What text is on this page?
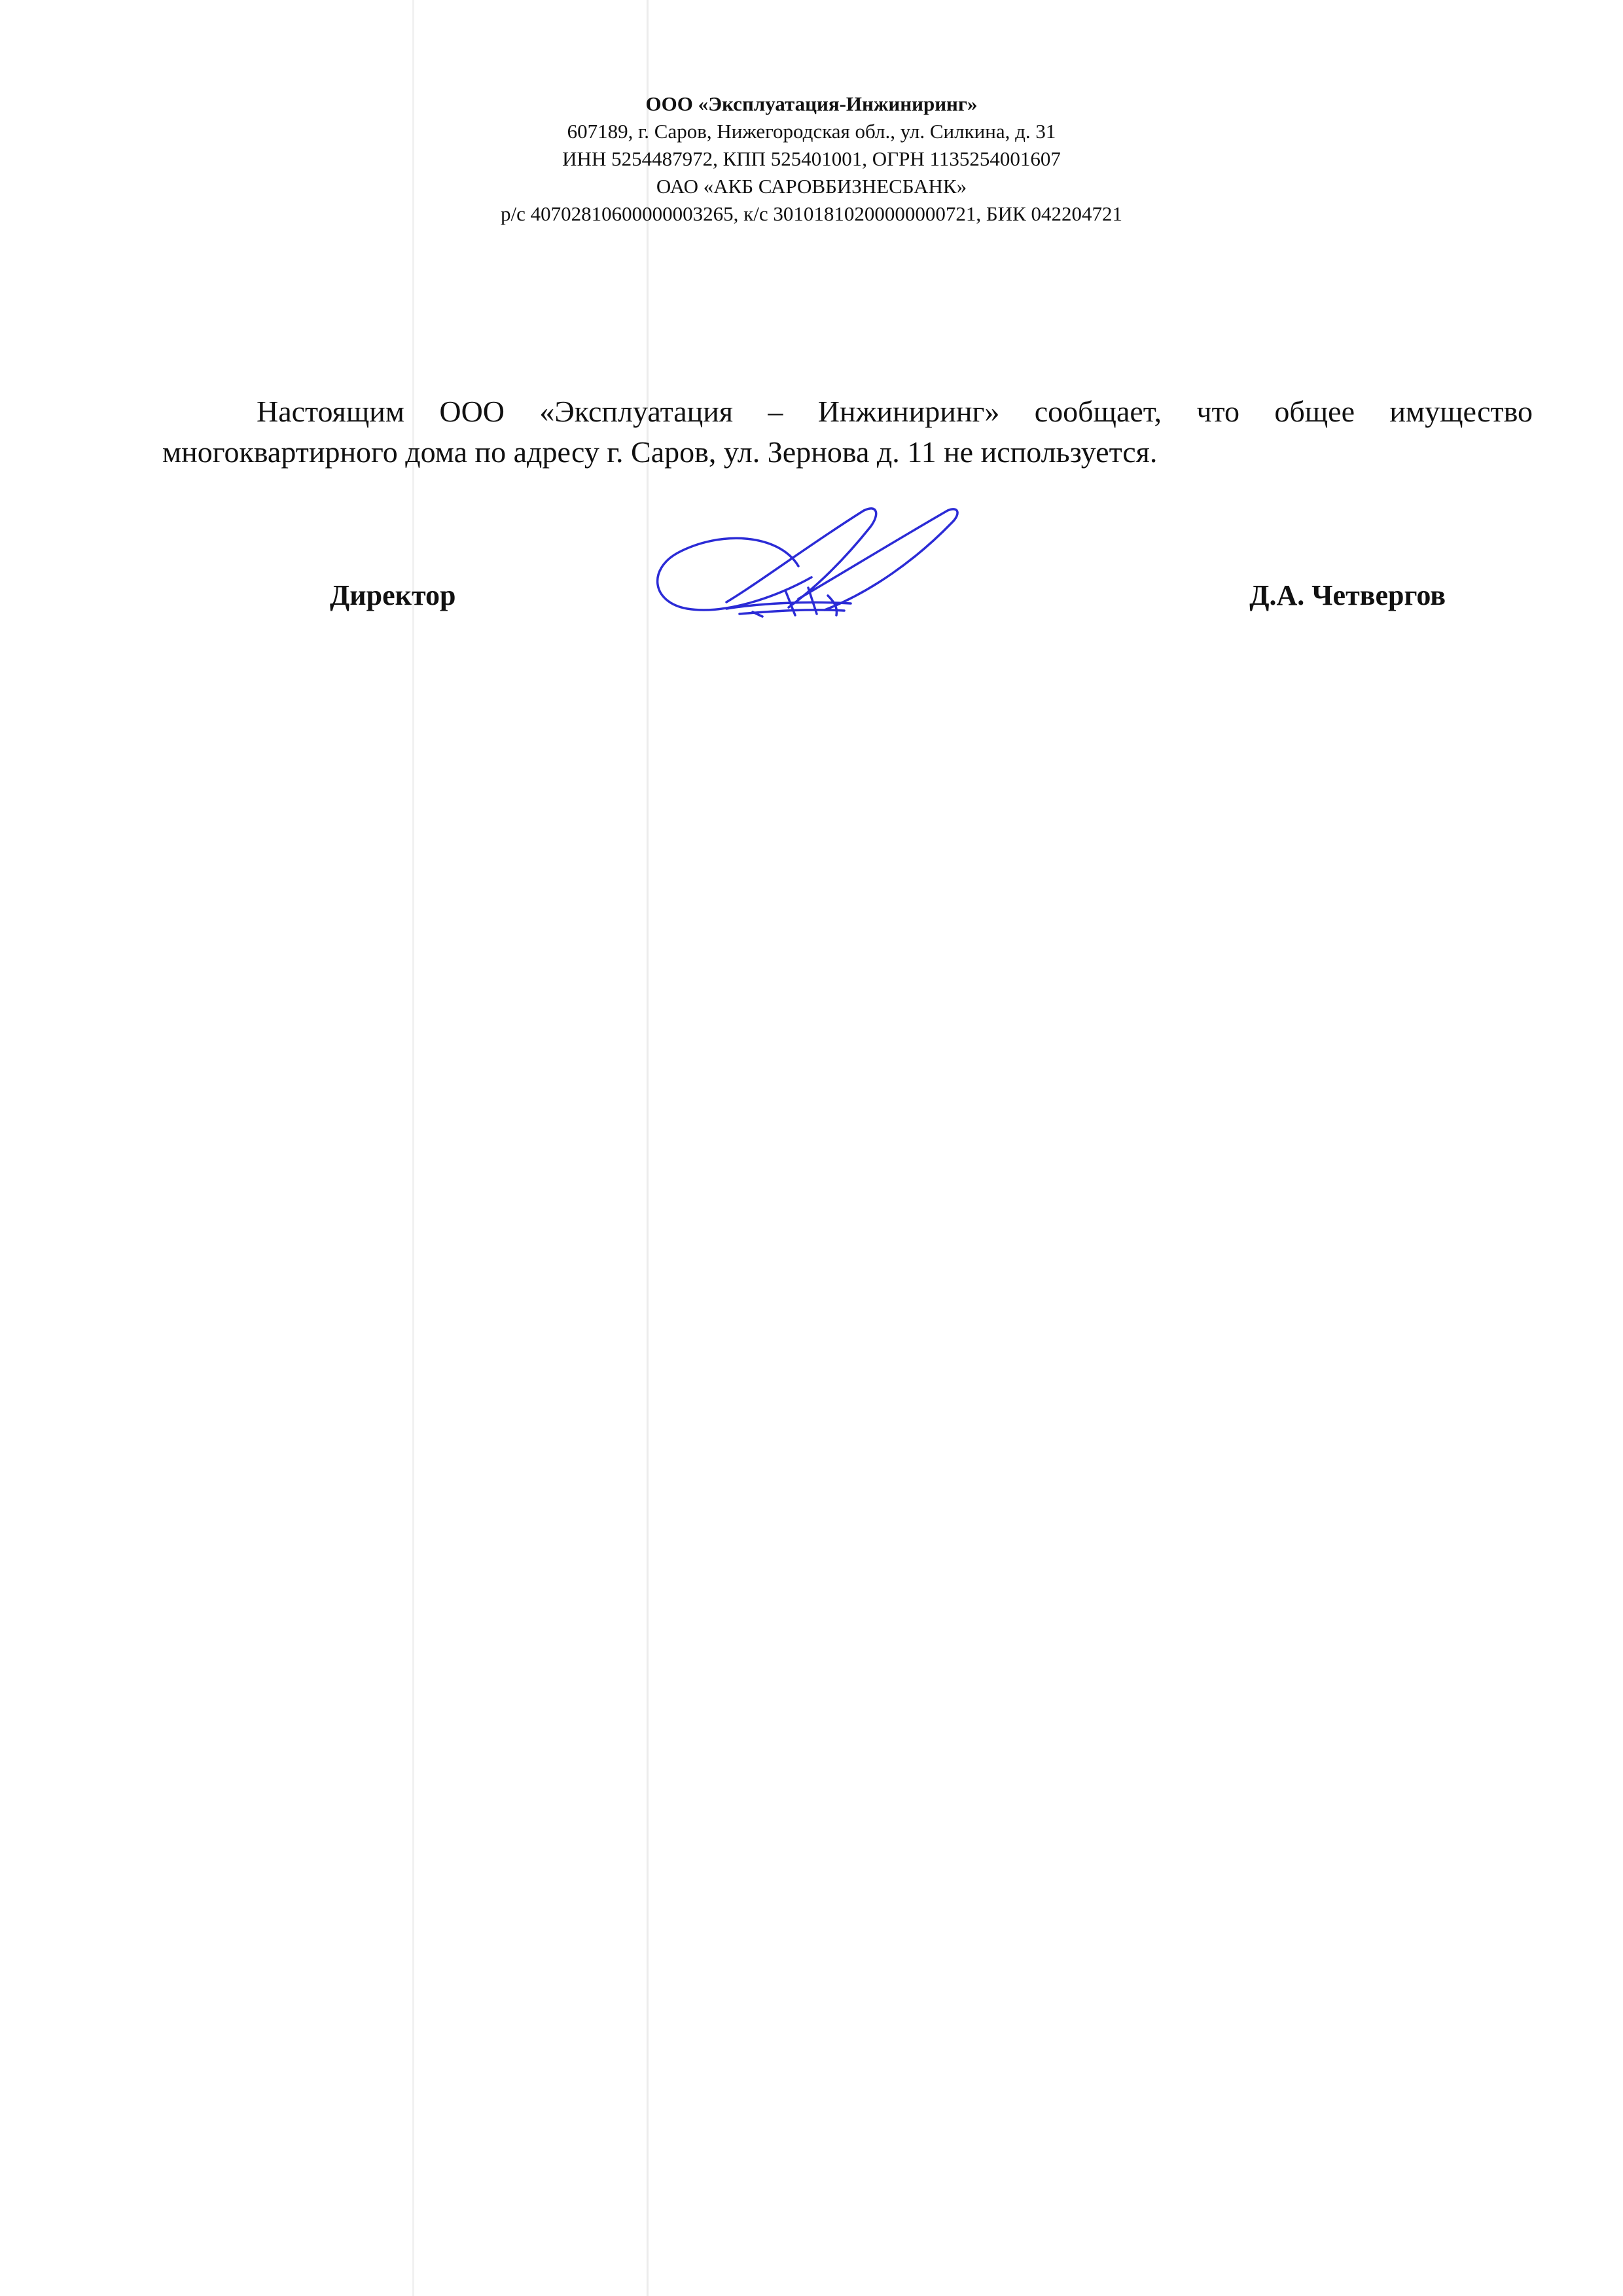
ООО «Эксплуатация-Инжиниринг»
607189, г. Саров, Нижегородская обл., ул. Силкина, д. 31
ИНН 5254487972, КПП 525401001, ОГРН 1135254001607
ОАО «АКБ САРОВБИЗНЕСБАНК»
р/с 40702810600000003265, к/с 30101810200000000721, БИК 042204721
Настоящим ООО «Эксплуатация – Инжиниринг» сообщает, что общее имущество
многоквартирного дома по адресу г. Саров, ул. Зернова д. 11 не используется.
Директор	Д.А. Четвергов
